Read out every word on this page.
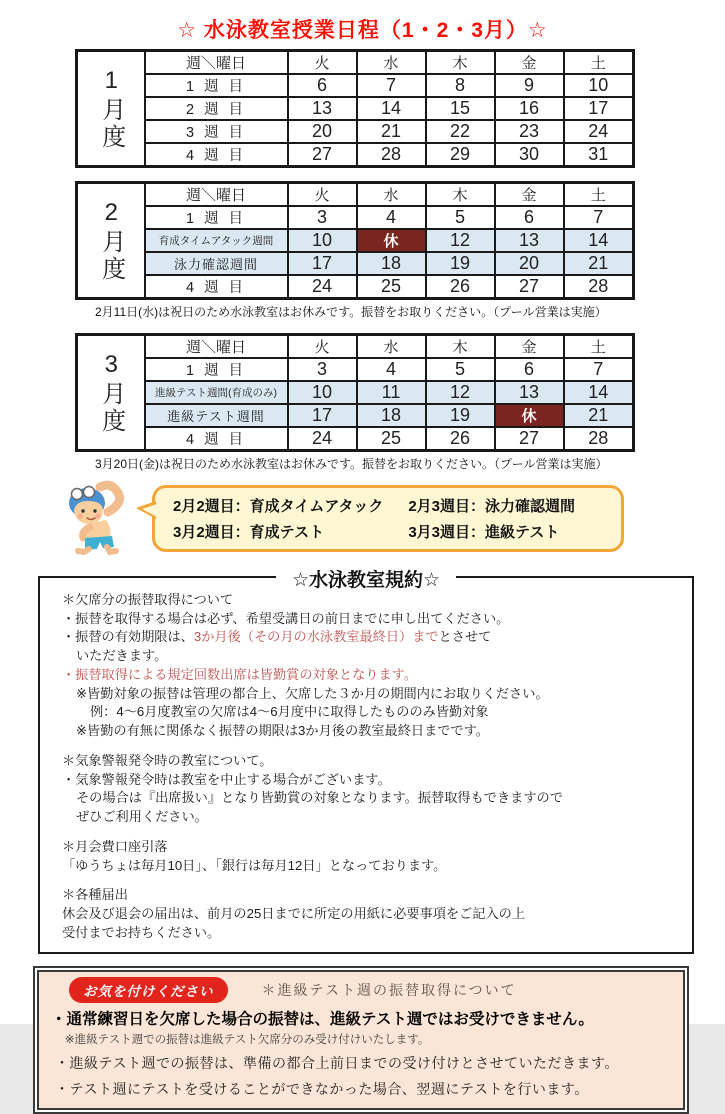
☆ 水泳教室授業日程（1・2・3月）☆
1月度	週＼曜日	火	水	木	金	土
	1 週 目	6	7	8	9	10
	2 週 目	13	14	15	16	17
	3 週 目	20	21	22	23	24
	4 週 目	27	28	29	30	31
2月度	週＼曜日	火	水	木	金	土
	1 週 目	3	4	5	6	7
	育成タイムアタック週間	10	休	12	13	14
	泳力確認週間	17	18	19	20	21
	4 週 目	24	25	26	27	28
2月11日(水)は祝日のため水泳教室はお休みです。振替をお取りください。（プール営業は実施）
3月度	週＼曜日	火	水	木	金	土
	1 週 目	3	4	5	6	7
	進級テスト週間(育成のみ)	10	11	12	13	14
	進級テスト週間	17	18	19	休	21
	4 週 目	24	25	26	27	28
3月20日(金)は祝日のため水泳教室はお休みです。振替をお取りください。（プール営業は実施）
2月2週目：育成タイムアタック	2月3週目：泳力確認週間
3月2週目：育成テスト	3月3週目：進級テスト
☆水泳教室規約☆
＊欠席分の振替取得について
・振替を取得する場合は必ず、希望受講日の前日までに申し出てください。
・振替の有効期限は、3か月後（その月の水泳教室最終日）までとさせて
いただきます。
・振替取得による規定回数出席は皆勤賞の対象となります。
※皆勤対象の振替は管理の都合上、欠席した３か月の期間内にお取りください。
例：4～6月度教室の欠席は4～6月度中に取得したもののみ皆勤対象
※皆勤の有無に関係なく振替の期限は3か月後の教室最終日までです。
＊気象警報発令時の教室について。
・気象警報発令時は教室を中止する場合がございます。
その場合は『出席扱い』となり皆勤賞の対象となります。振替取得もできますので
ぜひご利用ください。
＊月会費口座引落
「ゆうちょは毎月10日」、「銀行は毎月12日」となっております。
＊各種届出
休会及び退会の届出は、前月の25日までに所定の用紙に必要事項をご記入の上
受付までお持ちください。
お気を付けください	＊進級テスト週の振替取得について
・通常練習日を欠席した場合の振替は、進級テスト週ではお受けできません。
※進級テスト週での振替は進級テスト欠席分のみ受け付けいたします。
・進級テスト週での振替は、準備の都合上前日までの受け付けとさせていただきます。
・テスト週にテストを受けることができなかった場合、翌週にテストを行います。
